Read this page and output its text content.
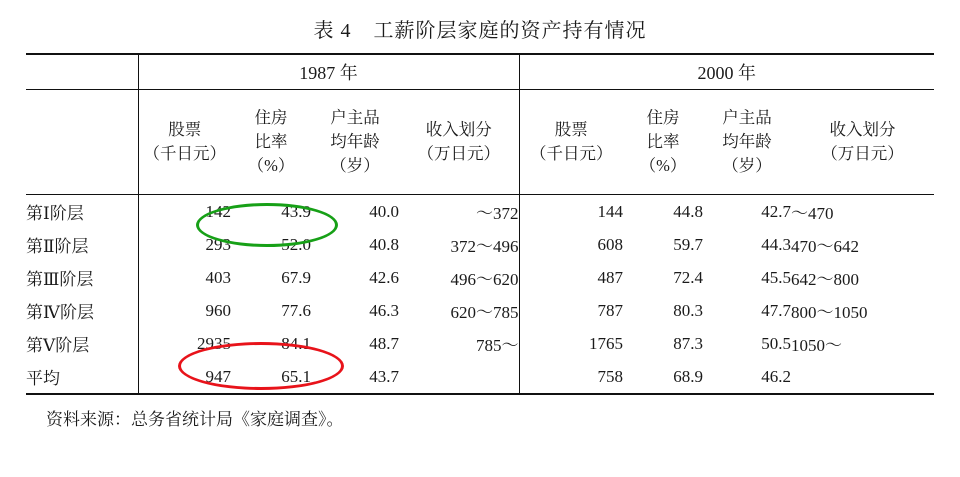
表 4 工薪阶层家庭的资产持有情况
	1987 年				2000 年			

股票
（千日元）

住房
比率
（%）

户主品
均年龄
（岁）

收入划分
（万日元）

股票
（千日元）

住房
比率
（%）

户主品
均年龄
（岁）

收入划分
（万日元）

第Ⅰ阶层	142	43.9	40.0	～372	144	44.8	42.7	～470
第Ⅱ阶层	293	52.0	40.8	372～496	608	59.7	44.3	470～642
第Ⅲ阶层	403	67.9	42.6	496～620	487	72.4	45.5	642～800
第Ⅳ阶层	960	77.6	46.3	620～785	787	80.3	47.7	800～1050
第Ⅴ阶层	2935	84.1	48.7	785～	1765	87.3	50.5	1050～
平均	947	65.1	43.7		758	68.9	46.2	
资料来源：总务省统计局《家庭调查》。
